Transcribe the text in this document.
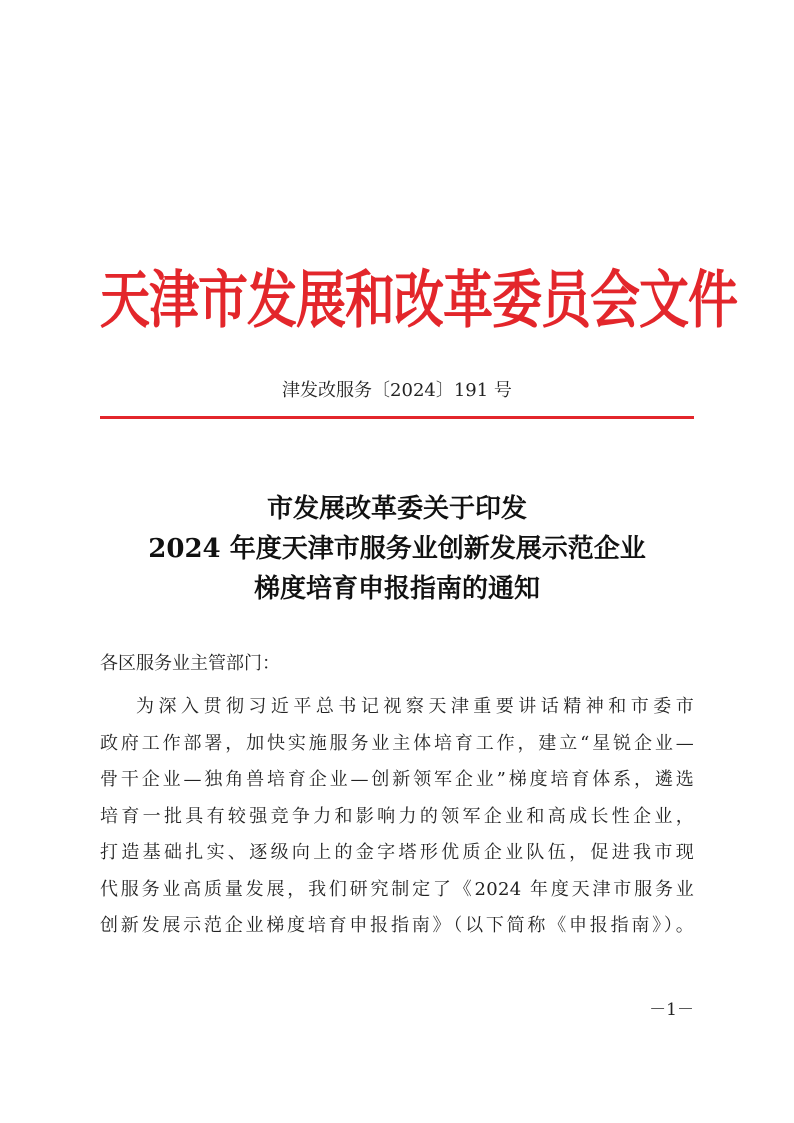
天津市发展和改革委员会文件
津发改服务〔2024〕191 号
市发展改革委关于印发
2024 年度天津市服务业创新发展示范企业
梯度培育申报指南的通知
各区服务业主管部门：
为深入贯彻习近平总书记视察天津重要讲话精神和市委市
政府工作部署，加快实施服务业主体培育工作，建立“星锐企业—
骨干企业—独角兽培育企业—创新领军企业”梯度培育体系，遴选
培育一批具有较强竞争力和影响力的领军企业和高成长性企业，
打造基础扎实、逐级向上的金字塔形优质企业队伍，促进我市现
代服务业高质量发展，我们研究制定了《2024 年度天津市服务业
创新发展示范企业梯度培育申报指南》（以下简称《申报指南》）。
－1－
